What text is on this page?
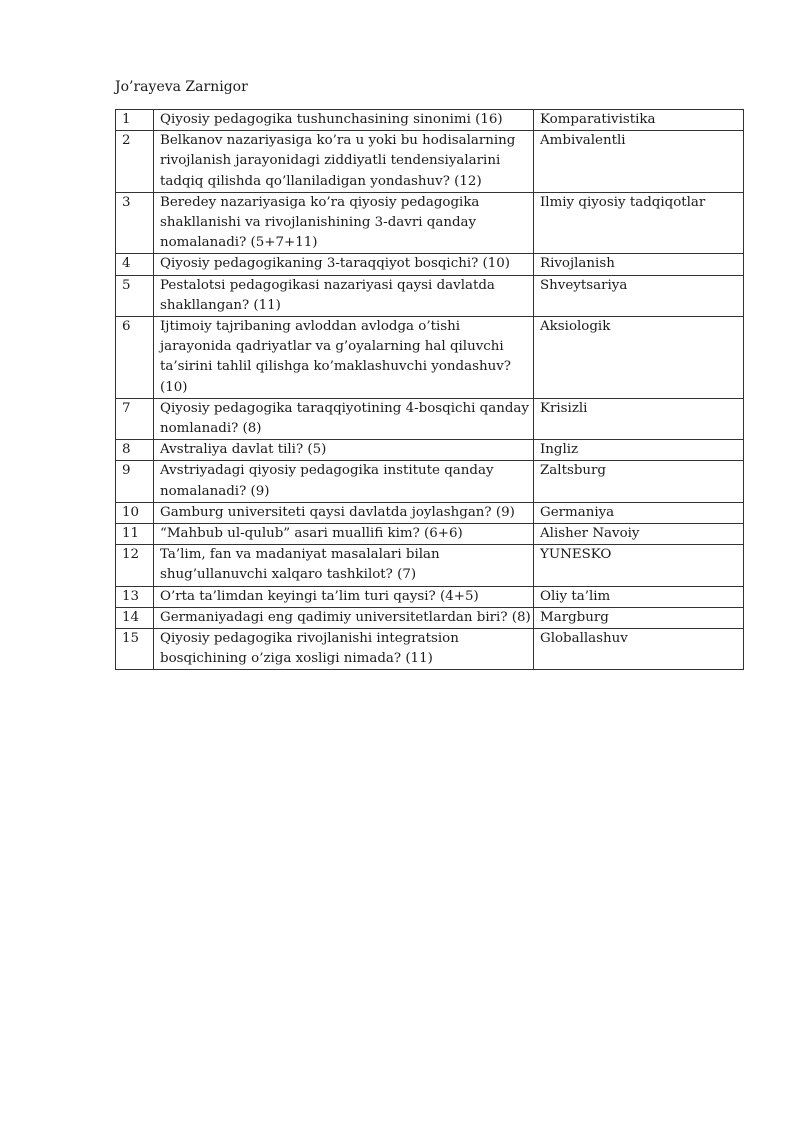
Jo’rayeva Zarnigor

1	Qiyosiy pedagogika tushunchasining sinonimi (16)	Komparativistika
2	Belkanov nazariyasiga ko’ra u yoki bu hodisalarning rivojlanish jarayonidagi ziddiyatli tendensiyalarini tadqiq qilishda qo’llaniladigan yondashuv? (12)	Ambivalentli
3	Beredey nazariyasiga ko’ra qiyosiy pedagogika shakllanishi va rivojlanishining 3-davri qanday nomalanadi? (5+7+11)	Ilmiy qiyosiy tadqiqotlar
4	Qiyosiy pedagogikaning 3-taraqqiyot bosqichi? (10)	Rivojlanish
5	Pestalotsi pedagogikasi nazariyasi qaysi davlatda shakllangan? (11)	Shveytsariya
6	Ijtimoiy tajribaning avloddan avlodga o’tishi jarayonida qadriyatlar va g’oyalarning hal qiluvchi ta’sirini tahlil qilishga ko’maklashuvchi yondashuv? (10)	Aksiologik
7	Qiyosiy pedagogika taraqqiyotining 4-bosqichi qanday nomlanadi? (8)	Krisizli
8	Avstraliya davlat tili? (5)	Ingliz
9	Avstriyadagi qiyosiy pedagogika institute qanday nomalanadi? (9)	Zaltsburg
10	Gamburg universiteti qaysi davlatda joylashgan? (9)	Germaniya
11	“Mahbub ul-qulub” asari muallifi kim? (6+6)	Alisher Navoiy
12	Ta’lim, fan va madaniyat masalalari bilan shug’ullanuvchi xalqaro tashkilot? (7)	YUNESKO
13	O’rta ta’limdan keyingi ta’lim turi qaysi? (4+5)	Oliy ta’lim
14	Germaniyadagi eng qadimiy universitetlardan biri? (8)	Margburg
15	Qiyosiy pedagogika rivojlanishi integratsion bosqichining o’ziga xosligi nimada? (11)	Globallashuv
